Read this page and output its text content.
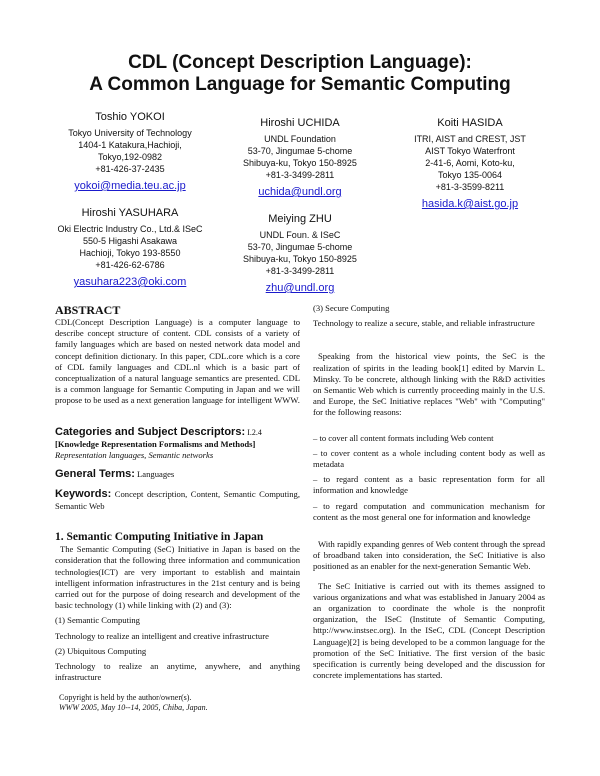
CDL (Concept Description Language):
A Common Language for Semantic Computing
Toshio YOKOI
Tokyo University of Technology
1404-1 Katakura,Hachioji,
Tokyo,192-0982
+81-426-37-2435
yokoi@media.teu.ac.jp
Hiroshi UCHIDA
UNDL Foundation
53-70, Jingumae 5-chome
Shibuya-ku, Tokyo 150-8925
+81-3-3499-2811
uchida@undl.org
Koiti HASIDA
ITRI, AIST and CREST, JST
AIST Tokyo Waterfront
2-41-6, Aomi, Koto-ku,
Tokyo 135-0064
+81-3-3599-8211
hasida.k@aist.go.jp
Hiroshi YASUHARA
Oki Electric Industry Co., Ltd.& ISeC
550-5 Higashi Asakawa
Hachioji, Tokyo 193-8550
+81-426-62-6786
yasuhara223@oki.com
Meiying ZHU
UNDL Foun. & ISeC
53-70, Jingumae 5-chome
Shibuya-ku, Tokyo 150-8925
+81-3-3499-2811
zhu@undl.org
ABSTRACT

CDL(Concept Description Language) is a computer language to describe concept structure of content. CDL consists of a variety of family languages which are based on nested network data model and concept definition dictionary. In this paper, CDL.core which is a core of CDL family languages and CDL.nl which is a basic part of conceptualization of a natural language semantics are presented. CDL is a common language for Semantic Computing in Japan and we will propose to be used as a next generation language for intelligent WWW.

Categories and Subject Descriptors: I.2.4
[Knowledge Representation Formalisms and Methods]
Representation languages, Semantic networks
General Terms: Languages
Keywords: Concept description, Content, Semantic Computing, Semantic Web
1. Semantic Computing Initiative in Japan

The Semantic Computing (SeC) Initiative in Japan is based on the consideration that the following three information and communication technologies(ICT) are very important to establish and maintain intelligent information infrastructures in the 21st century and is being carried out for the purpose of doing research and development of the basic technology (1) while linking with (2) and (3):

(1) Semantic Computing

Technology to realize an intelligent and creative infrastructure

(2) Ubiquitous Computing

Technology to realize an anytime, anywhere, and anything infrastructure

Copyright is held by the author/owner(s).
WWW 2005, May 10--14, 2005, Chiba, Japan.

(3) Secure Computing

Technology to realize a secure, stable, and reliable infrastructure

Speaking from the historical view points, the SeC is the realization of spirits in the leading book[1] edited by Marvin L. Minsky. To be concrete, although linking with the R&D activities on Semantic Web which is currently proceeding mainly in the U.S. and Europe, the SeC Initiative replaces "Web" with "Computing" for the following reasons:

– to cover all content formats including Web content

– to cover content as a whole including content body as well as metadata

– to regard content as a basic representation form for all information and knowledge

– to regard computation and communication mechanism for content as the most general one for information and knowledge

With rapidly expanding genres of Web content through the spread of broadband taken into consideration, the SeC Initiative is also positioned as an enabler for the next-generation Semantic Web.

The SeC Initiative is carried out with its themes assigned to various organizations and what was established in January 2004 as an organization to coordinate the whole is the nonprofit organization, the ISeC (Institute of Semantic Computing, http://www.instsec.org). In the ISeC, CDL (Concept Description Language)[2] is being developed to be a common language for the promotion of the SeC Initiative. The first version of the basic specification is currently being developed and the discussion for concrete implementations has started.
